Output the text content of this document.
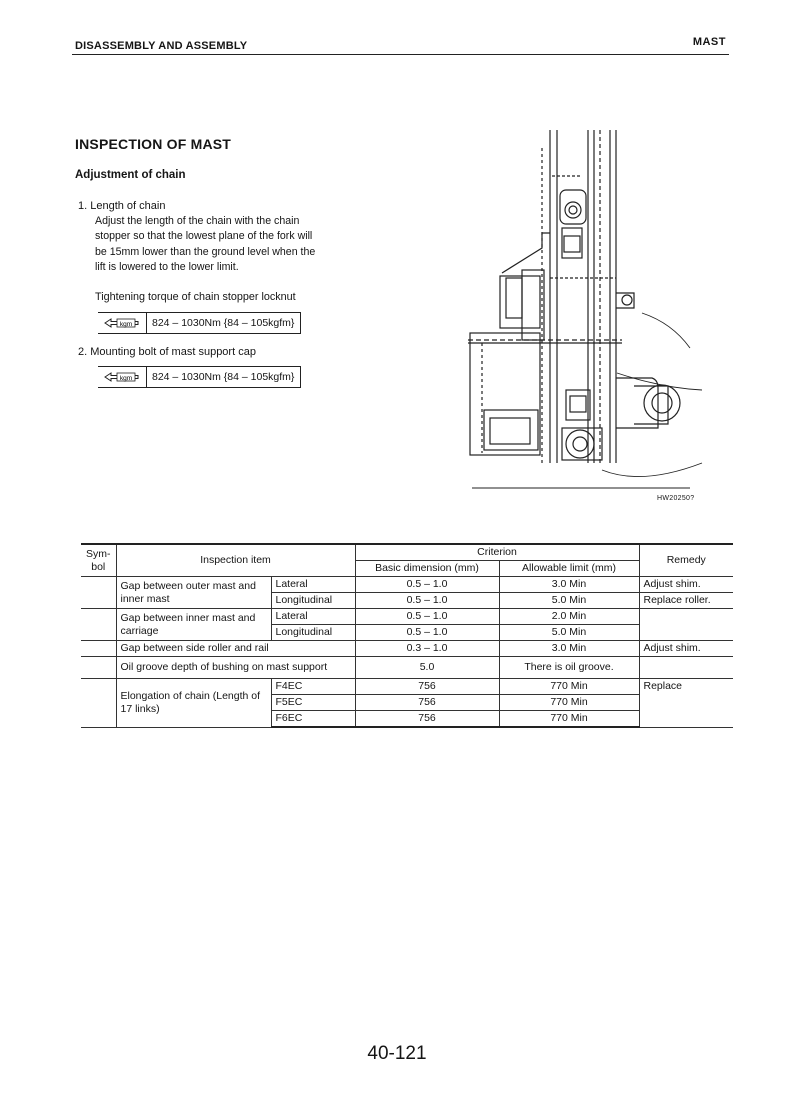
DISASSEMBLY AND ASSEMBLY	MAST
INSPECTION OF MAST
Adjustment of chain
1. Length of chain
Adjust the length of the chain with the chain
stopper so that the lowest plane of the fork will
be 15mm lower than the ground level when the
lift is lowered to the lower limit.
Tightening torque of chain stopper locknut
kgm	824 – 1030Nm {84 – 105kgfm}
2. Mounting bolt of mast support cap
kgm	824 – 1030Nm {84 – 105kgfm}
HW20250?
Sym-
bol	Inspection item		Criterion		Remedy
			Basic dimension (mm)	Allowable limit (mm)	
	Gap between outer mast and inner mast	Lateral	0.5 – 1.0	3.0 Min	Adjust shim.
		Longitudinal	0.5 – 1.0	5.0 Min	Replace roller.
	Gap between inner mast and carriage	Lateral	0.5 – 1.0	2.0 Min	
		Longitudinal	0.5 – 1.0	5.0 Min	
	Gap between side roller and rail		0.3 – 1.0	3.0 Min	Adjust shim.
	Oil groove depth of bushing on mast support		5.0	There is oil groove.	
	Elongation of chain (Length of 17 links)	F4EC	756	770 Min	Replace
		F5EC	756	770 Min	
		F6EC	756	770 Min	
40-121
